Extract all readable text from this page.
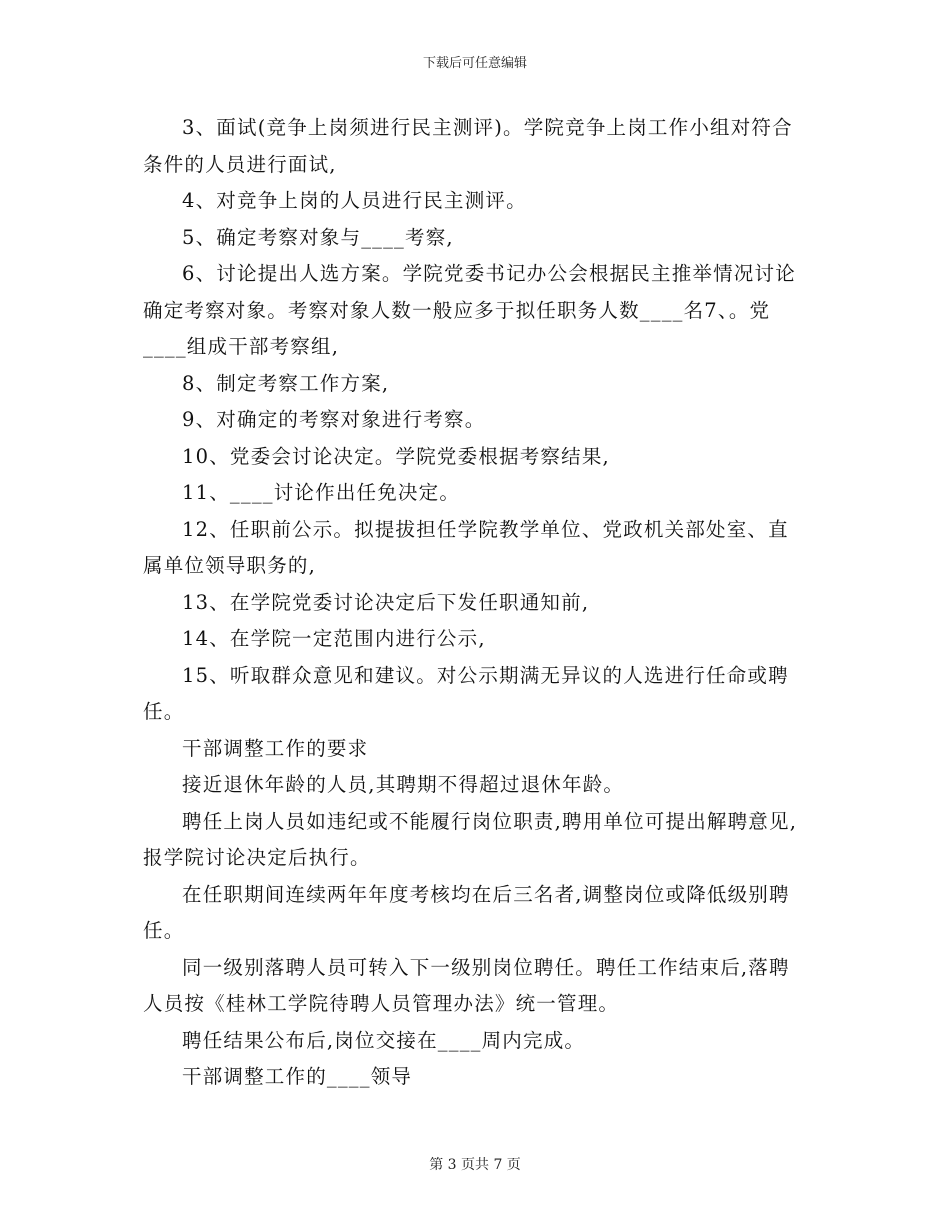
下载后可任意编辑

3、面试(竞争上岗须进行民主测评)。学院竞争上岗工作小组对符合条件的人员进行面试,

4、对竞争上岗的人员进行民主测评。

5、确定考察对象与____考察,

6、讨论提出人选方案。学院党委书记办公会根据民主推举情况讨论确定考察对象。考察对象人数一般应多于拟任职务人数____名7、。党____组成干部考察组,

8、制定考察工作方案,

9、对确定的考察对象进行考察。

10、党委会讨论决定。学院党委根据考察结果,

11、____讨论作出任免决定。

12、任职前公示。拟提拔担任学院教学单位、党政机关部处室、直属单位领导职务的,

13、在学院党委讨论决定后下发任职通知前,

14、在学院一定范围内进行公示,

15、听取群众意见和建议。对公示期满无异议的人选进行任命或聘任。

干部调整工作的要求

接近退休年龄的人员,其聘期不得超过退休年龄。

聘任上岗人员如违纪或不能履行岗位职责,聘用单位可提出解聘意见,报学院讨论决定后执行。

在任职期间连续两年年度考核均在后三名者,调整岗位或降低级别聘任。

同一级别落聘人员可转入下一级别岗位聘任。聘任工作结束后,落聘人员按《桂林工学院待聘人员管理办法》统一管理。

聘任结果公布后,岗位交接在____周内完成。

干部调整工作的____领导

第 3 页共 7 页
